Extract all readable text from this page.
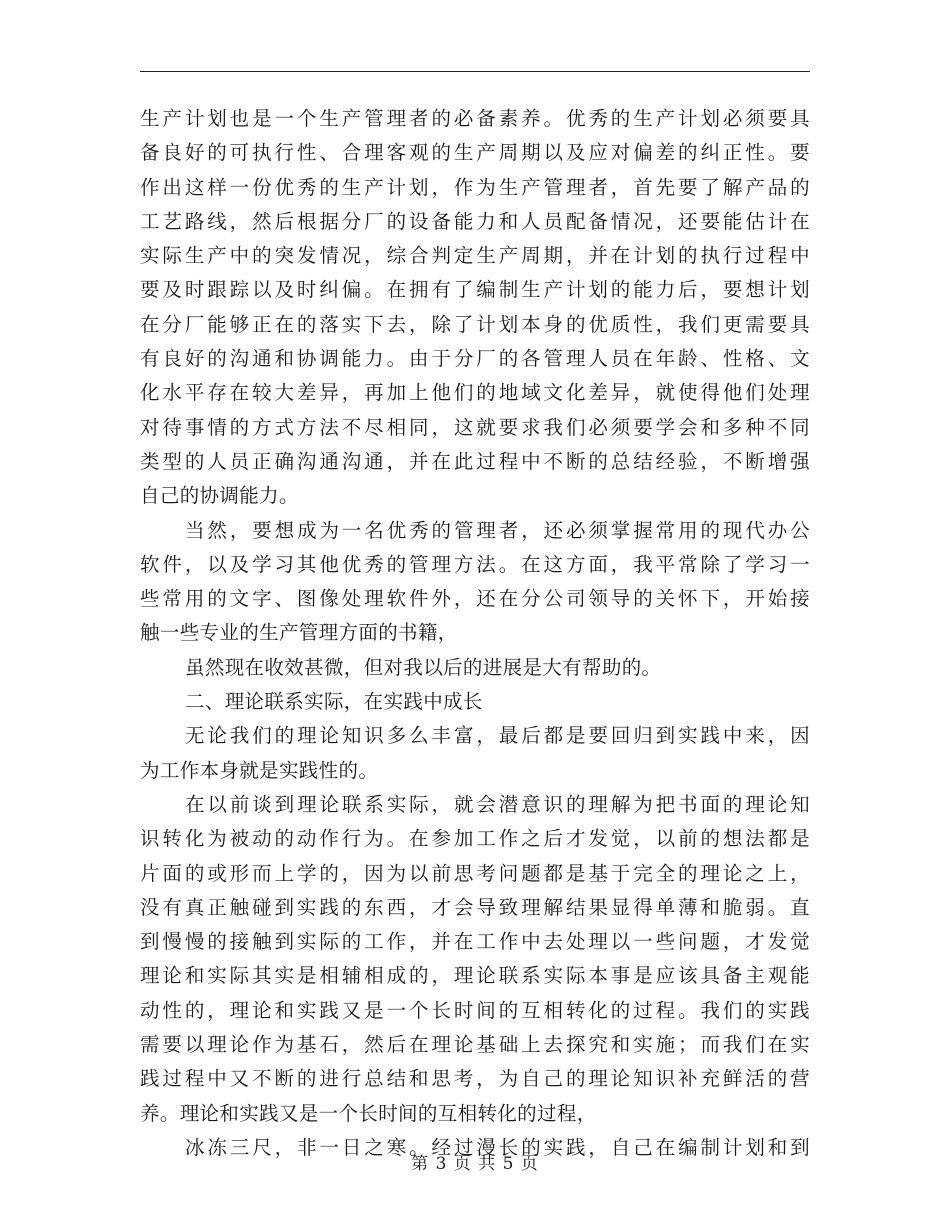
生产计划也是一个生产管理者的必备素养。优秀的生产计划必须要具
备良好的可执行性、合理客观的生产周期以及应对偏差的纠正性。要
作出这样一份优秀的生产计划，作为生产管理者，首先要了解产品的
工艺路线，然后根据分厂的设备能力和人员配备情况，还要能估计在
实际生产中的突发情况，综合判定生产周期，并在计划的执行过程中
要及时跟踪以及时纠偏。在拥有了编制生产计划的能力后，要想计划
在分厂能够正在的落实下去，除了计划本身的优质性，我们更需要具
有良好的沟通和协调能力。由于分厂的各管理人员在年龄、性格、文
化水平存在较大差异，再加上他们的地域文化差异，就使得他们处理
对待事情的方式方法不尽相同，这就要求我们必须要学会和多种不同
类型的人员正确沟通沟通，并在此过程中不断的总结经验，不断增强
自己的协调能力。
当然，要想成为一名优秀的管理者，还必须掌握常用的现代办公
软件，以及学习其他优秀的管理方法。在这方面，我平常除了学习一
些常用的文字、图像处理软件外，还在分公司领导的关怀下，开始接
触一些专业的生产管理方面的书籍，
虽然现在收效甚微，但对我以后的进展是大有帮助的。
二、理论联系实际，在实践中成长
无论我们的理论知识多么丰富，最后都是要回归到实践中来，因
为工作本身就是实践性的。
在以前谈到理论联系实际，就会潜意识的理解为把书面的理论知
识转化为被动的动作行为。在参加工作之后才发觉，以前的想法都是
片面的或形而上学的，因为以前思考问题都是基于完全的理论之上，
没有真正触碰到实践的东西，才会导致理解结果显得单薄和脆弱。直
到慢慢的接触到实际的工作，并在工作中去处理以一些问题，才发觉
理论和实际其实是相辅相成的，理论联系实际本事是应该具备主观能
动性的，理论和实践又是一个长时间的互相转化的过程。我们的实践
需要以理论作为基石，然后在理论基础上去探究和实施；而我们在实
践过程中又不断的进行总结和思考，为自己的理论知识补充鲜活的营
养。理论和实践又是一个长时间的互相转化的过程，
冰冻三尺，非一日之寒。经过漫长的实践，自己在编制计划和到
第 3 页 共 5 页
